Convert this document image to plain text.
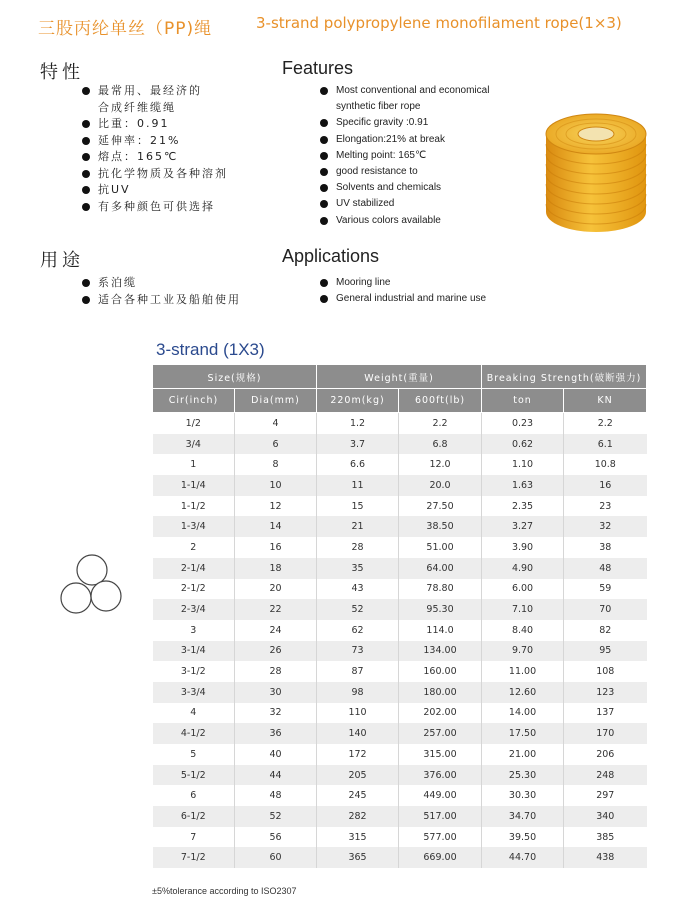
三股丙纶单丝（PP)绳	3-strand polypropylene monofilament rope(1×3)
特性	Features
最常用、最经济的
合成纤维缆绳
比重：0.91
延伸率：21%
熔点：165℃
抗化学物质及各种溶剂
抗UV
有多种颜色可供选择
Most conventional and economical
synthetic fiber rope
Specific gravity :0.91
Elongation:21% at break
Melting point: 165℃
good resistance to
Solvents and chemicals
UV stabilized
Various colors available
用途	Applications
系泊缆
适合各种工业及船舶使用
Mooring line
General industrial and marine use
3-strand (1X3)
Size(规格)		Weight(重量)		Breaking Strength(破断强力)	
Cir(inch)	Dia(mm)	220m(kg)	600ft(lb)	ton	KN
1/2	4	1.2	2.2	0.23	2.2
3/4	6	3.7	6.8	0.62	6.1
1	8	6.6	12.0	1.10	10.8
1-1/4	10	11	20.0	1.63	16
1-1/2	12	15	27.50	2.35	23
1-3/4	14	21	38.50	3.27	32
2	16	28	51.00	3.90	38
2-1/4	18	35	64.00	4.90	48
2-1/2	20	43	78.80	6.00	59
2-3/4	22	52	95.30	7.10	70
3	24	62	114.0	8.40	82
3-1/4	26	73	134.00	9.70	95
3-1/2	28	87	160.00	11.00	108
3-3/4	30	98	180.00	12.60	123
4	32	110	202.00	14.00	137
4-1/2	36	140	257.00	17.50	170
5	40	172	315.00	21.00	206
5-1/2	44	205	376.00	25.30	248
6	48	245	449.00	30.30	297
6-1/2	52	282	517.00	34.70	340
7	56	315	577.00	39.50	385
7-1/2	60	365	669.00	44.70	438
±5%tolerance according to ISO2307
